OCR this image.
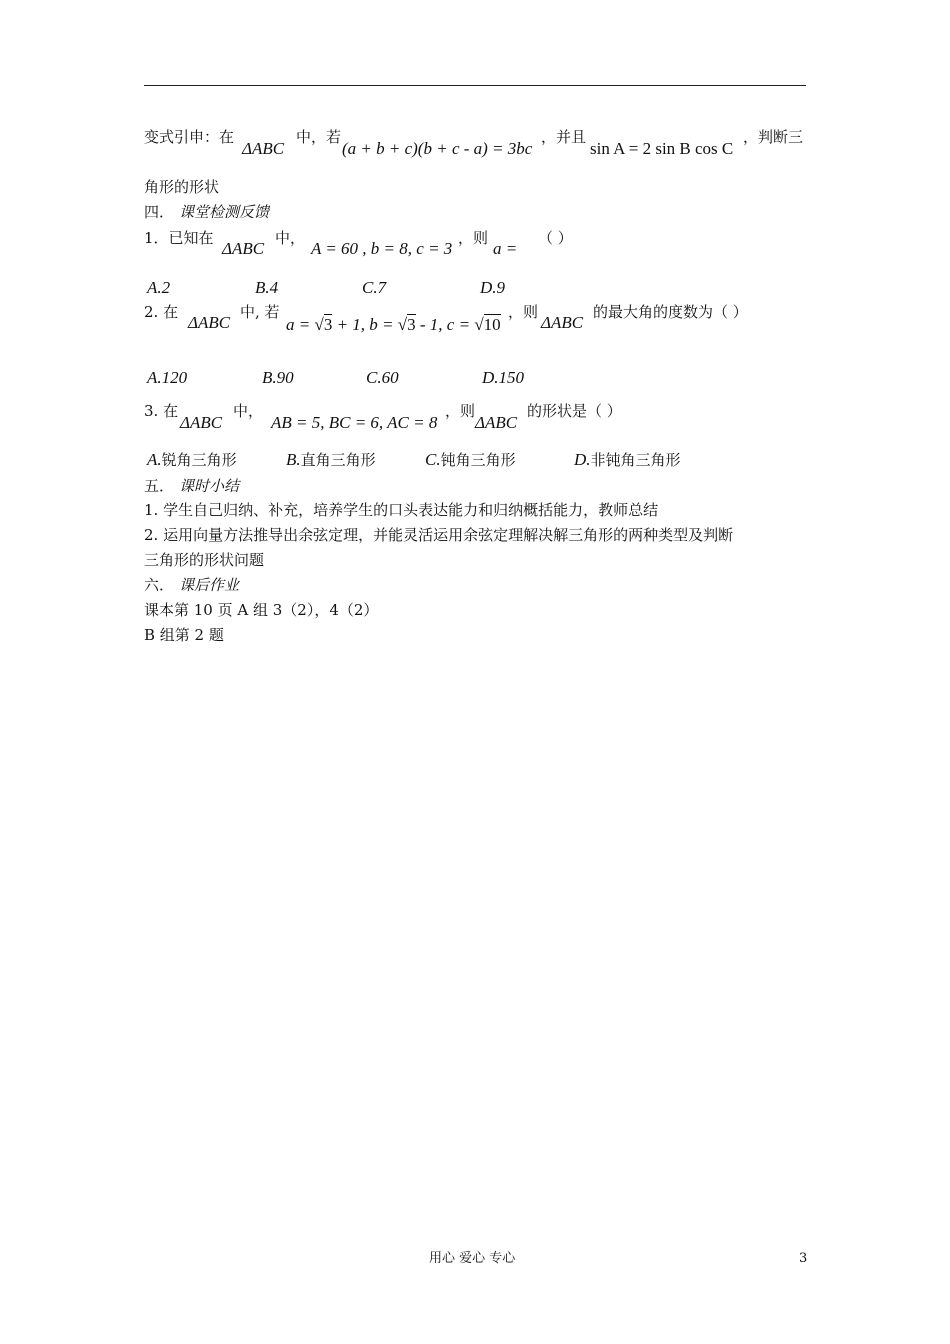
变式引申：在
ΔABC
中，若
(a + b + c)(b + c - a) = 3bc
，并且
sin A = 2 sin B cos C
，判断三
角形的形状
四． 课堂检测反馈
1．已知在
ΔABC
中，
A = 60 , b = 8, c = 3
，则
a =
（ ）
A.2	B.4	C.7	D.9
2. 在
ΔABC
中, 若
a = √3 + 1, b = √3 - 1, c = √10
，则
ΔABC
的最大角的度数为（ ）
A.120	B.90	C.60	D.150
3. 在
ΔABC
中，
AB = 5, BC = 6, AC = 8
，则
ΔABC
的形状是（ ）
A.锐角三角形	B.直角三角形	C.钝角三角形	D.非钝角三角形
五． 课时小结
1. 学生自己归纳、补充，培养学生的口头表达能力和归纳概括能力，教师总结
2. 运用向量方法推导出余弦定理，并能灵活运用余弦定理解决解三角形的两种类型及判断
三角形的形状问题
六． 课后作业
课本第 10 页 A 组 3（2），4（2）
B 组第 2 题
用心 爱心 专心	3
